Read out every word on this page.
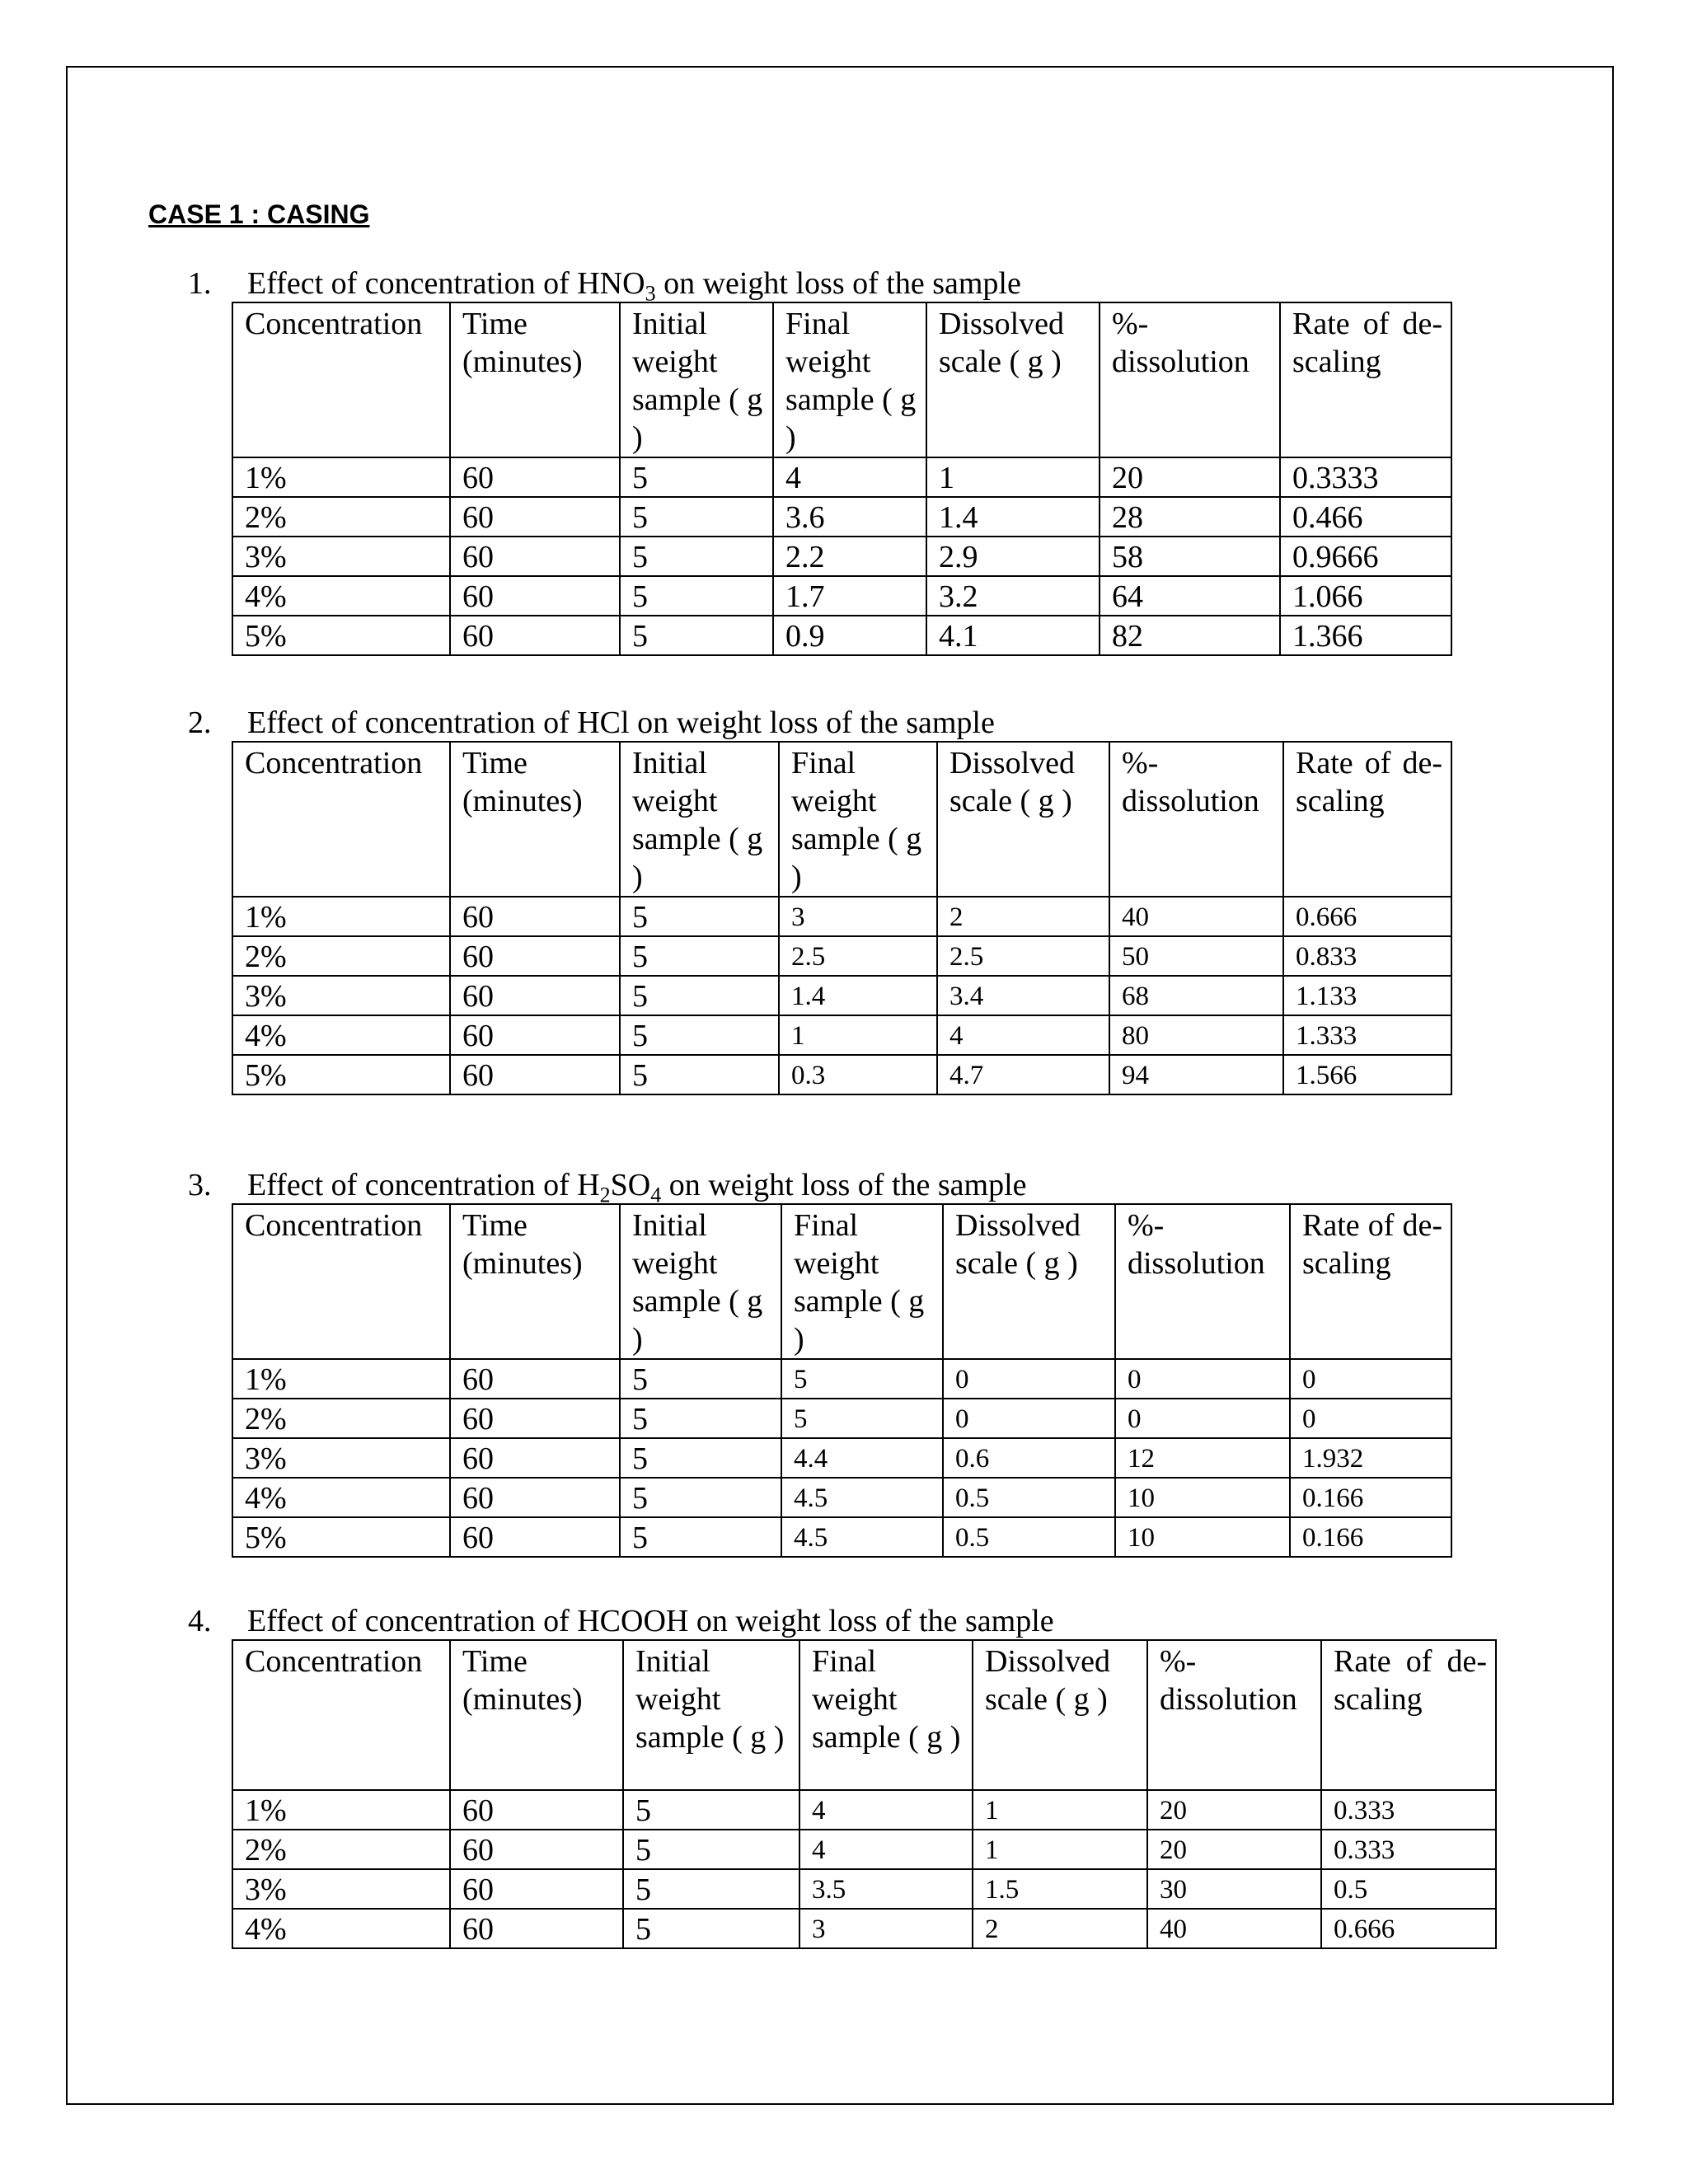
CASE 1 : CASING
1. Effect of concentration of $HNO_3$ on weight loss of the sample
Concentration	Time (minutes)	Initial weight sample ( g )	Final weight sample ( g )	Dissolved scale ( g )	%-dissolution	Rate of de-scaling
1%	60	5	4	1	20	0.3333
2%	60	5	3.6	1.4	28	0.466
3%	60	5	2.2	2.9	58	0.9666
4%	60	5	1.7	3.2	64	1.066
5%	60	5	0.9	4.1	82	1.366
2. Effect of concentration of HCl on weight loss of the sample
Concentration	Time (minutes)	Initial weight sample ( g )	Final weight sample ( g )	Dissolved scale ( g )	%-dissolution	Rate of de-scaling
1%	60	5	3	2	40	0.666
2%	60	5	2.5	2.5	50	0.833
3%	60	5	1.4	3.4	68	1.133
4%	60	5	1	4	80	1.333
5%	60	5	0.3	4.7	94	1.566
3. Effect of concentration of $H_2SO_4$ on weight loss of the sample
Concentration	Time (minutes)	Initial weight sample ( g )	Final weight sample ( g )	Dissolved scale ( g )	%-dissolution	Rate of de-scaling
1%	60	5	5	0	0	0
2%	60	5	5	0	0	0
3%	60	5	4.4	0.6	12	1.932
4%	60	5	4.5	0.5	10	0.166
5%	60	5	4.5	0.5	10	0.166
4. Effect of concentration of HCOOH on weight loss of the sample
Concentration	Time (minutes)	Initial weight sample ( g )	Final weight sample ( g )	Dissolved scale ( g )	%-dissolution	Rate of de-scaling
1%	60	5	4	1	20	0.333
2%	60	5	4	1	20	0.333
3%	60	5	3.5	1.5	30	0.5
4%	60	5	3	2	40	0.666
